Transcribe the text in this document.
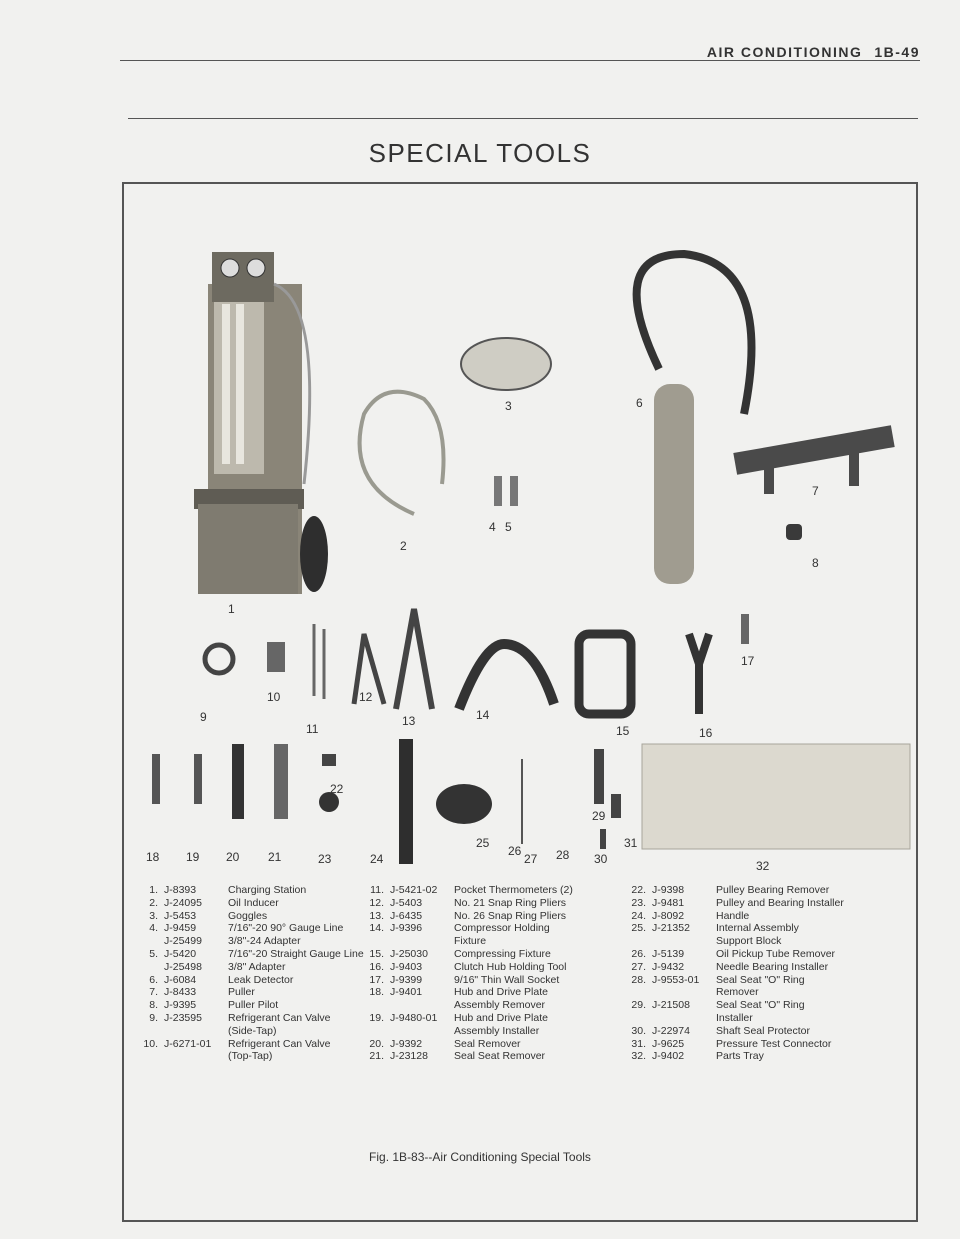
AIR CONDITIONING 1B-49
SPECIAL TOOLS
1
2
3
4 5
6
7
8
9
10
11
12
13	14
15	16
17
18 19 20 21
22
23	24
25
26
27 28
29
30
31
32
1. J-8393	Charging Station
2. J-24095	Oil Inducer
3. J-5453	Goggles
4. J-9459	7/16"-20 90° Gauge Line
J-25499	3/8"-24 Adapter
5. J-5420	7/16"-20 Straight Gauge Line
J-25498	3/8" Adapter
6. J-6084	Leak Detector
7. J-8433	Puller
8. J-9395	Puller Pilot
9. J-23595	Refrigerant Can Valve
(Side-Tap)
10. J-6271-01	Refrigerant Can Valve
(Top-Tap)
11. J-5421-02	Pocket Thermometers (2)
12. J-5403	No. 21 Snap Ring Pliers
13. J-6435	No. 26 Snap Ring Pliers
14. J-9396	Compressor Holding
Fixture
15. J-25030	Compressing Fixture
16. J-9403	Clutch Hub Holding Tool
17. J-9399	9/16" Thin Wall Socket
18. J-9401	Hub and Drive Plate
Assembly Remover
19. J-9480-01	Hub and Drive Plate
Assembly Installer
20. J-9392	Seal Remover
21. J-23128	Seal Seat Remover
22. J-9398	Pulley Bearing Remover
23. J-9481	Pulley and Bearing Installer
24. J-8092	Handle
25. J-21352	Internal Assembly
Support Block
26. J-5139	Oil Pickup Tube Remover
27. J-9432	Needle Bearing Installer
28. J-9553-01	Seal Seat "O" Ring
Remover
29. J-21508	Seal Seat "O" Ring
Installer
30. J-22974	Shaft Seal Protector
31. J-9625	Pressure Test Connector
32. J-9402	Parts Tray
Fig. 1B-83--Air Conditioning Special Tools
